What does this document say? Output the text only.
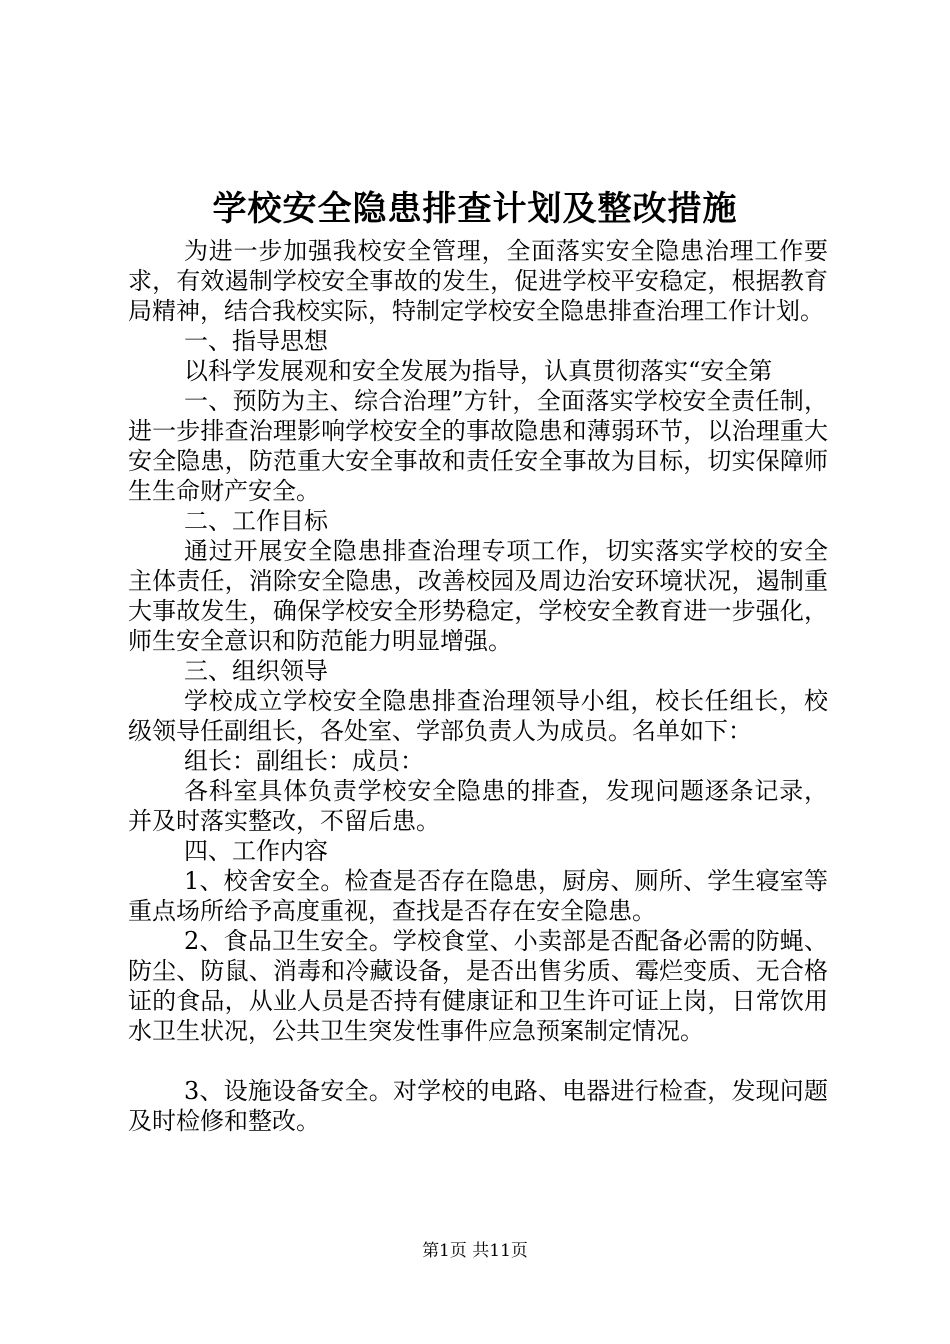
学校安全隐患排查计划及整改措施

为进一步加强我校安全管理，全面落实安全隐患治理工作要求，有效遏制学校安全事故的发生，促进学校平安稳定，根据教育局精神，结合我校实际，特制定学校安全隐患排查治理工作计划。

一、指导思想

以科学发展观和安全发展为指导，认真贯彻落实“安全第

一、预防为主、综合治理”方针，全面落实学校安全责任制，进一步排查治理影响学校安全的事故隐患和薄弱环节，以治理重大安全隐患，防范重大安全事故和责任安全事故为目标，切实保障师生生命财产安全。

二、工作目标

通过开展安全隐患排查治理专项工作，切实落实学校的安全主体责任，消除安全隐患，改善校园及周边治安环境状况，遏制重大事故发生，确保学校安全形势稳定，学校安全教育进一步强化，师生安全意识和防范能力明显增强。

三、组织领导

学校成立学校安全隐患排查治理领导小组，校长任组长，校级领导任副组长，各处室、学部负责人为成员。名单如下：

组长：副组长：成员：

各科室具体负责学校安全隐患的排查，发现问题逐条记录，并及时落实整改，不留后患。

四、工作内容

1、校舍安全。检查是否存在隐患，厨房、厕所、学生寝室等重点场所给予高度重视，查找是否存在安全隐患。

2、食品卫生安全。学校食堂、小卖部是否配备必需的防蝇、防尘、防鼠、消毒和冷藏设备，是否出售劣质、霉烂变质、无合格证的食品，从业人员是否持有健康证和卫生许可证上岗，日常饮用水卫生状况，公共卫生突发性事件应急预案制定情况。

3、设施设备安全。对学校的电路、电器进行检查，发现问题及时检修和整改。

第1页 共11页
